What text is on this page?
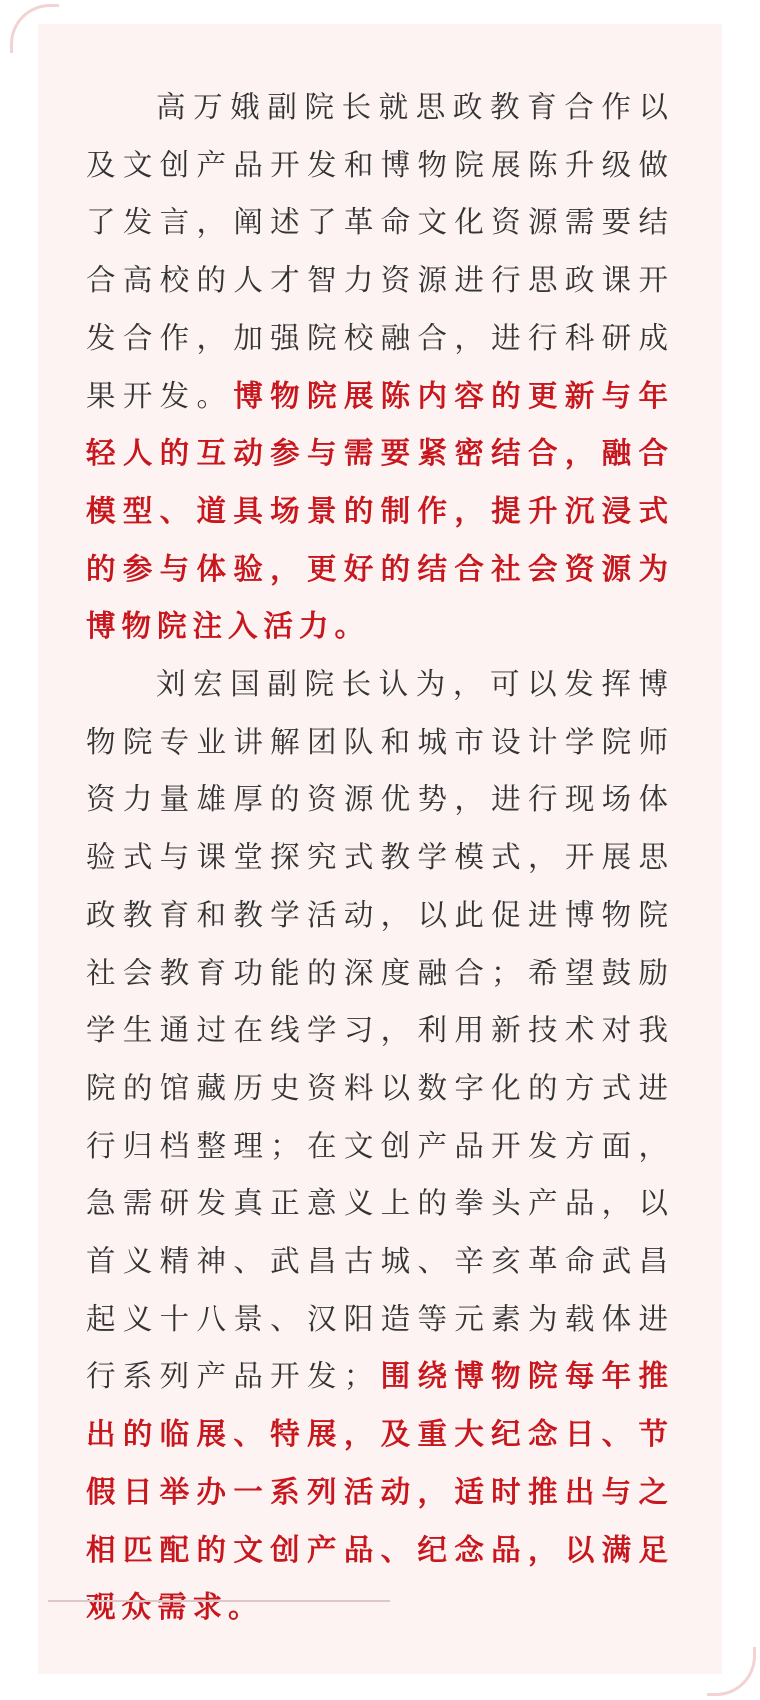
高万娥副院长就思政教育合作以及文创产品开发和博物院展陈升级做了发言，阐述了革命文化资源需要结合高校的人才智力资源进行思政课开发合作，加强院校融合，进行科研成果开发。博物院展陈内容的更新与年轻人的互动参与需要紧密结合，融合模型、道具场景的制作，提升沉浸式的参与体验，更好的结合社会资源为博物院注入活力。

刘宏国副院长认为，可以发挥博物院专业讲解团队和城市设计学院师资力量雄厚的资源优势，进行现场体验式与课堂探究式教学模式，开展思政教育和教学活动，以此促进博物院社会教育功能的深度融合；希望鼓励学生通过在线学习，利用新技术对我院的馆藏历史资料以数字化的方式进行归档整理；在文创产品开发方面，急需研发真正意义上的拳头产品，以首义精神、武昌古城、辛亥革命武昌起义十八景、汉阳造等元素为载体进行系列产品开发；围绕博物院每年推出的临展、特展，及重大纪念日、节假日举办一系列活动，适时推出与之相匹配的文创产品、纪念品，以满足观众需求。
